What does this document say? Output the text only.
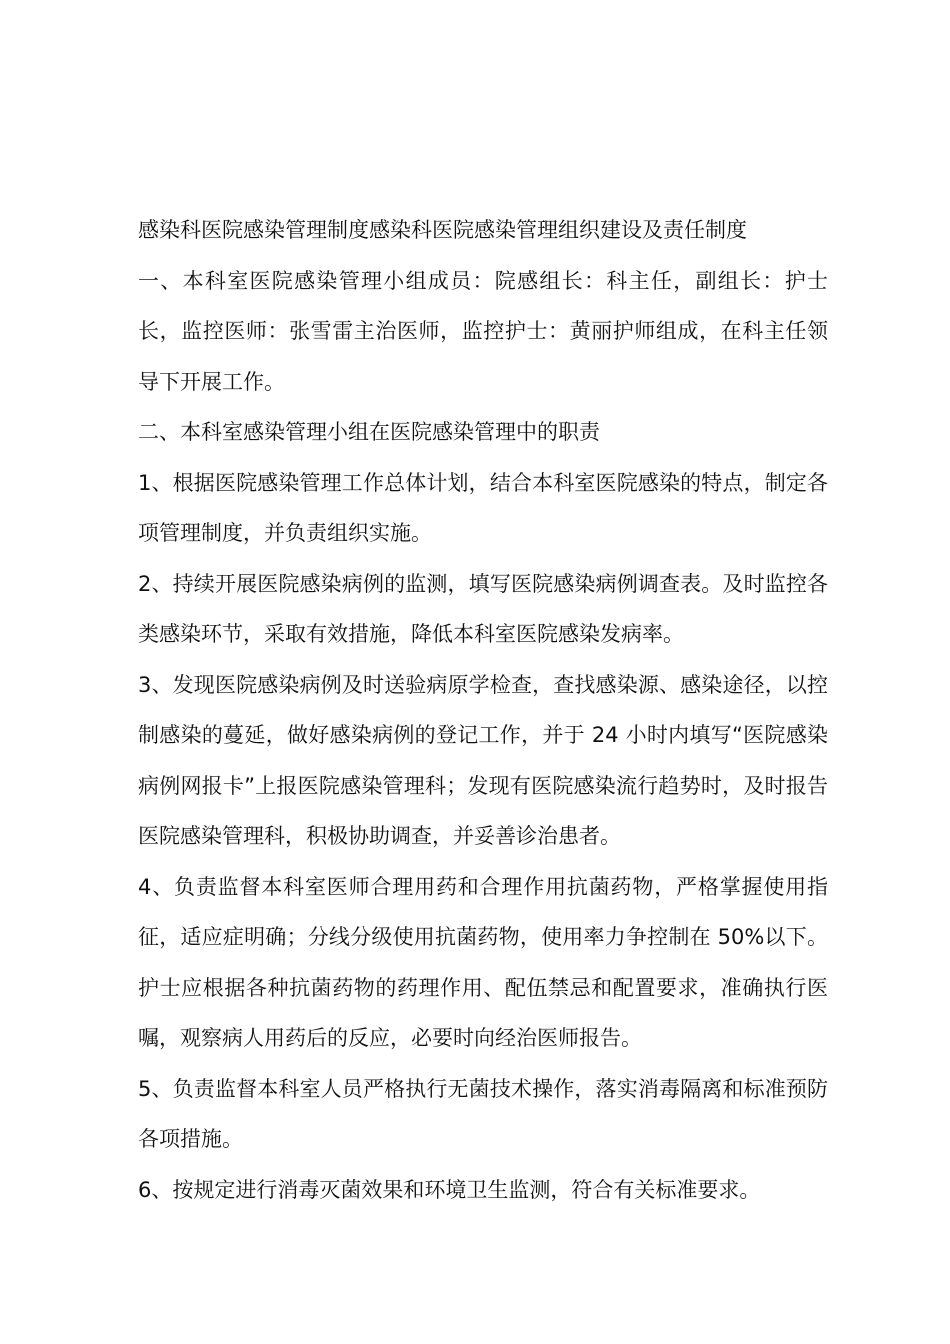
感染科医院感染管理制度感染科医院感染管理组织建设及责任制度

一、本科室医院感染管理小组成员：院感组长：科主任，副组长：护士长，监控医师：张雪雷主治医师，监控护士：黄丽护师组成，在科主任领导下开展工作。

二、本科室感染管理小组在医院感染管理中的职责

1、根据医院感染管理工作总体计划，结合本科室医院感染的特点，制定各项管理制度，并负责组织实施。

2、持续开展医院感染病例的监测，填写医院感染病例调查表。及时监控各类感染环节，采取有效措施，降低本科室医院感染发病率。

3、发现医院感染病例及时送验病原学检查，查找感染源、感染途径，以控制感染的蔓延，做好感染病例的登记工作，并于 24 小时内填写“医院感染病例网报卡”上报医院感染管理科；发现有医院感染流行趋势时，及时报告医院感染管理科，积极协助调查，并妥善诊治患者。

4、负责监督本科室医师合理用药和合理作用抗菌药物，严格掌握使用指征，适应症明确；分线分级使用抗菌药物，使用率力争控制在 50%以下。护士应根据各种抗菌药物的药理作用、配伍禁忌和配置要求，准确执行医嘱，观察病人用药后的反应，必要时向经治医师报告。

5、负责监督本科室人员严格执行无菌技术操作，落实消毒隔离和标准预防各项措施。

6、按规定进行消毒灭菌效果和环境卫生监测，符合有关标准要求。
